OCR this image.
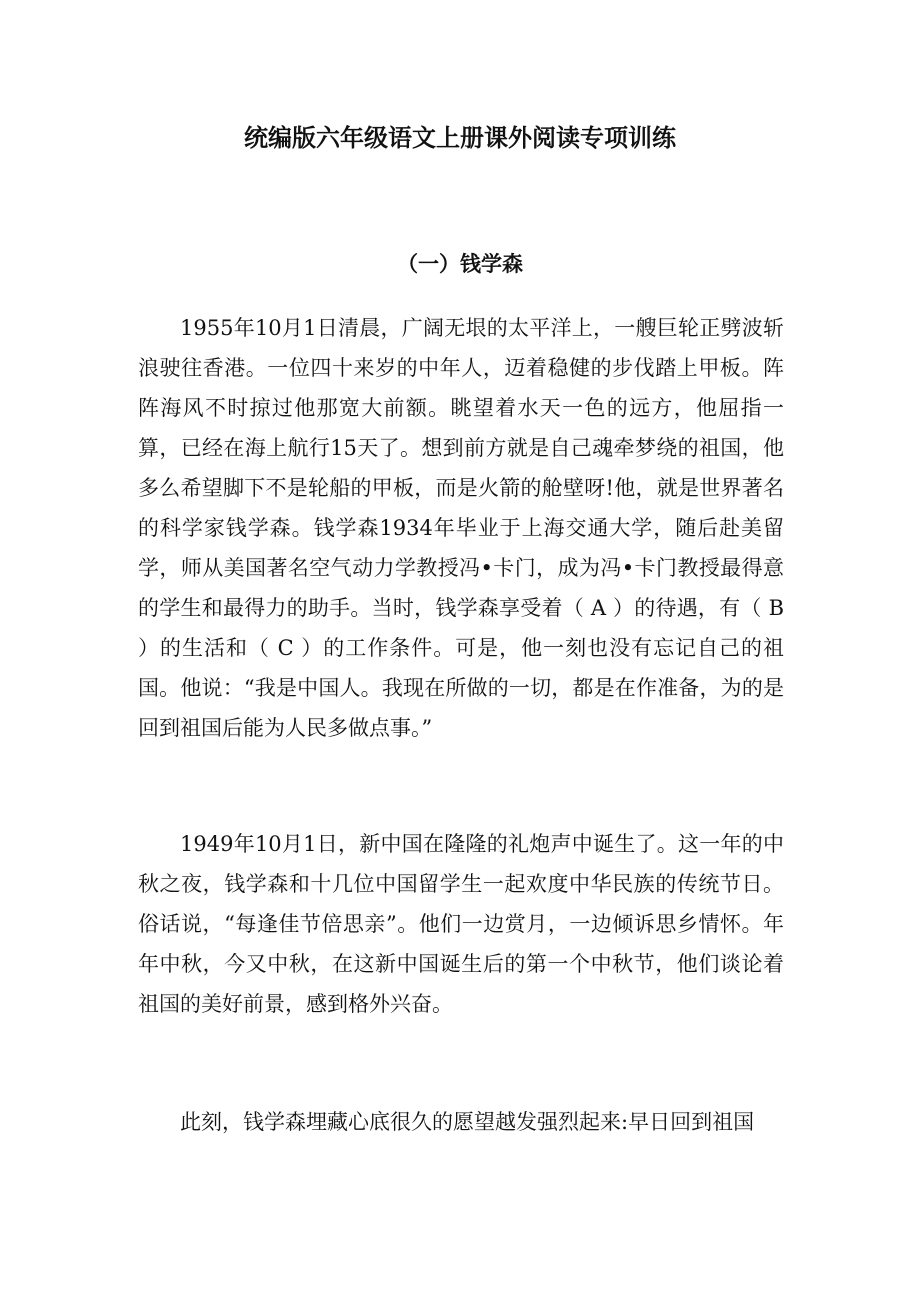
统编版六年级语文上册课外阅读专项训练
（一）钱学森

1955年10月1日清晨，广阔无垠的太平洋上，一艘巨轮正劈波斩浪驶往香港。一位四十来岁的中年人，迈着稳健的步伐踏上甲板。阵阵海风不时掠过他那宽大前额。眺望着水天一色的远方，他屈指一算，已经在海上航行15天了。想到前方就是自己魂牵梦绕的祖国，他多么希望脚下不是轮船的甲板，而是火箭的舱壁呀!他，就是世界著名的科学家钱学森。钱学森1934年毕业于上海交通大学，随后赴美留学，师从美国著名空气动力学教授冯•卡门，成为冯•卡门教授最得意的学生和最得力的助手。当时，钱学森享受着（ A ）的待遇，有（ B ）的生活和（ C ）的工作条件。可是，他一刻也没有忘记自己的祖国。他说：“我是中国人。我现在所做的一切，都是在作准备，为的是回到祖国后能为人民多做点事。”

1949年10月1日，新中国在隆隆的礼炮声中诞生了。这一年的中秋之夜，钱学森和十几位中国留学生一起欢度中华民族的传统节日。俗话说，“每逢佳节倍思亲”。他们一边赏月，一边倾诉思乡情怀。年年中秋，今又中秋，在这新中国诞生后的第一个中秋节，他们谈论着祖国的美好前景，感到格外兴奋。

此刻，钱学森埋藏心底很久的愿望越发强烈起来:早日回到祖国
